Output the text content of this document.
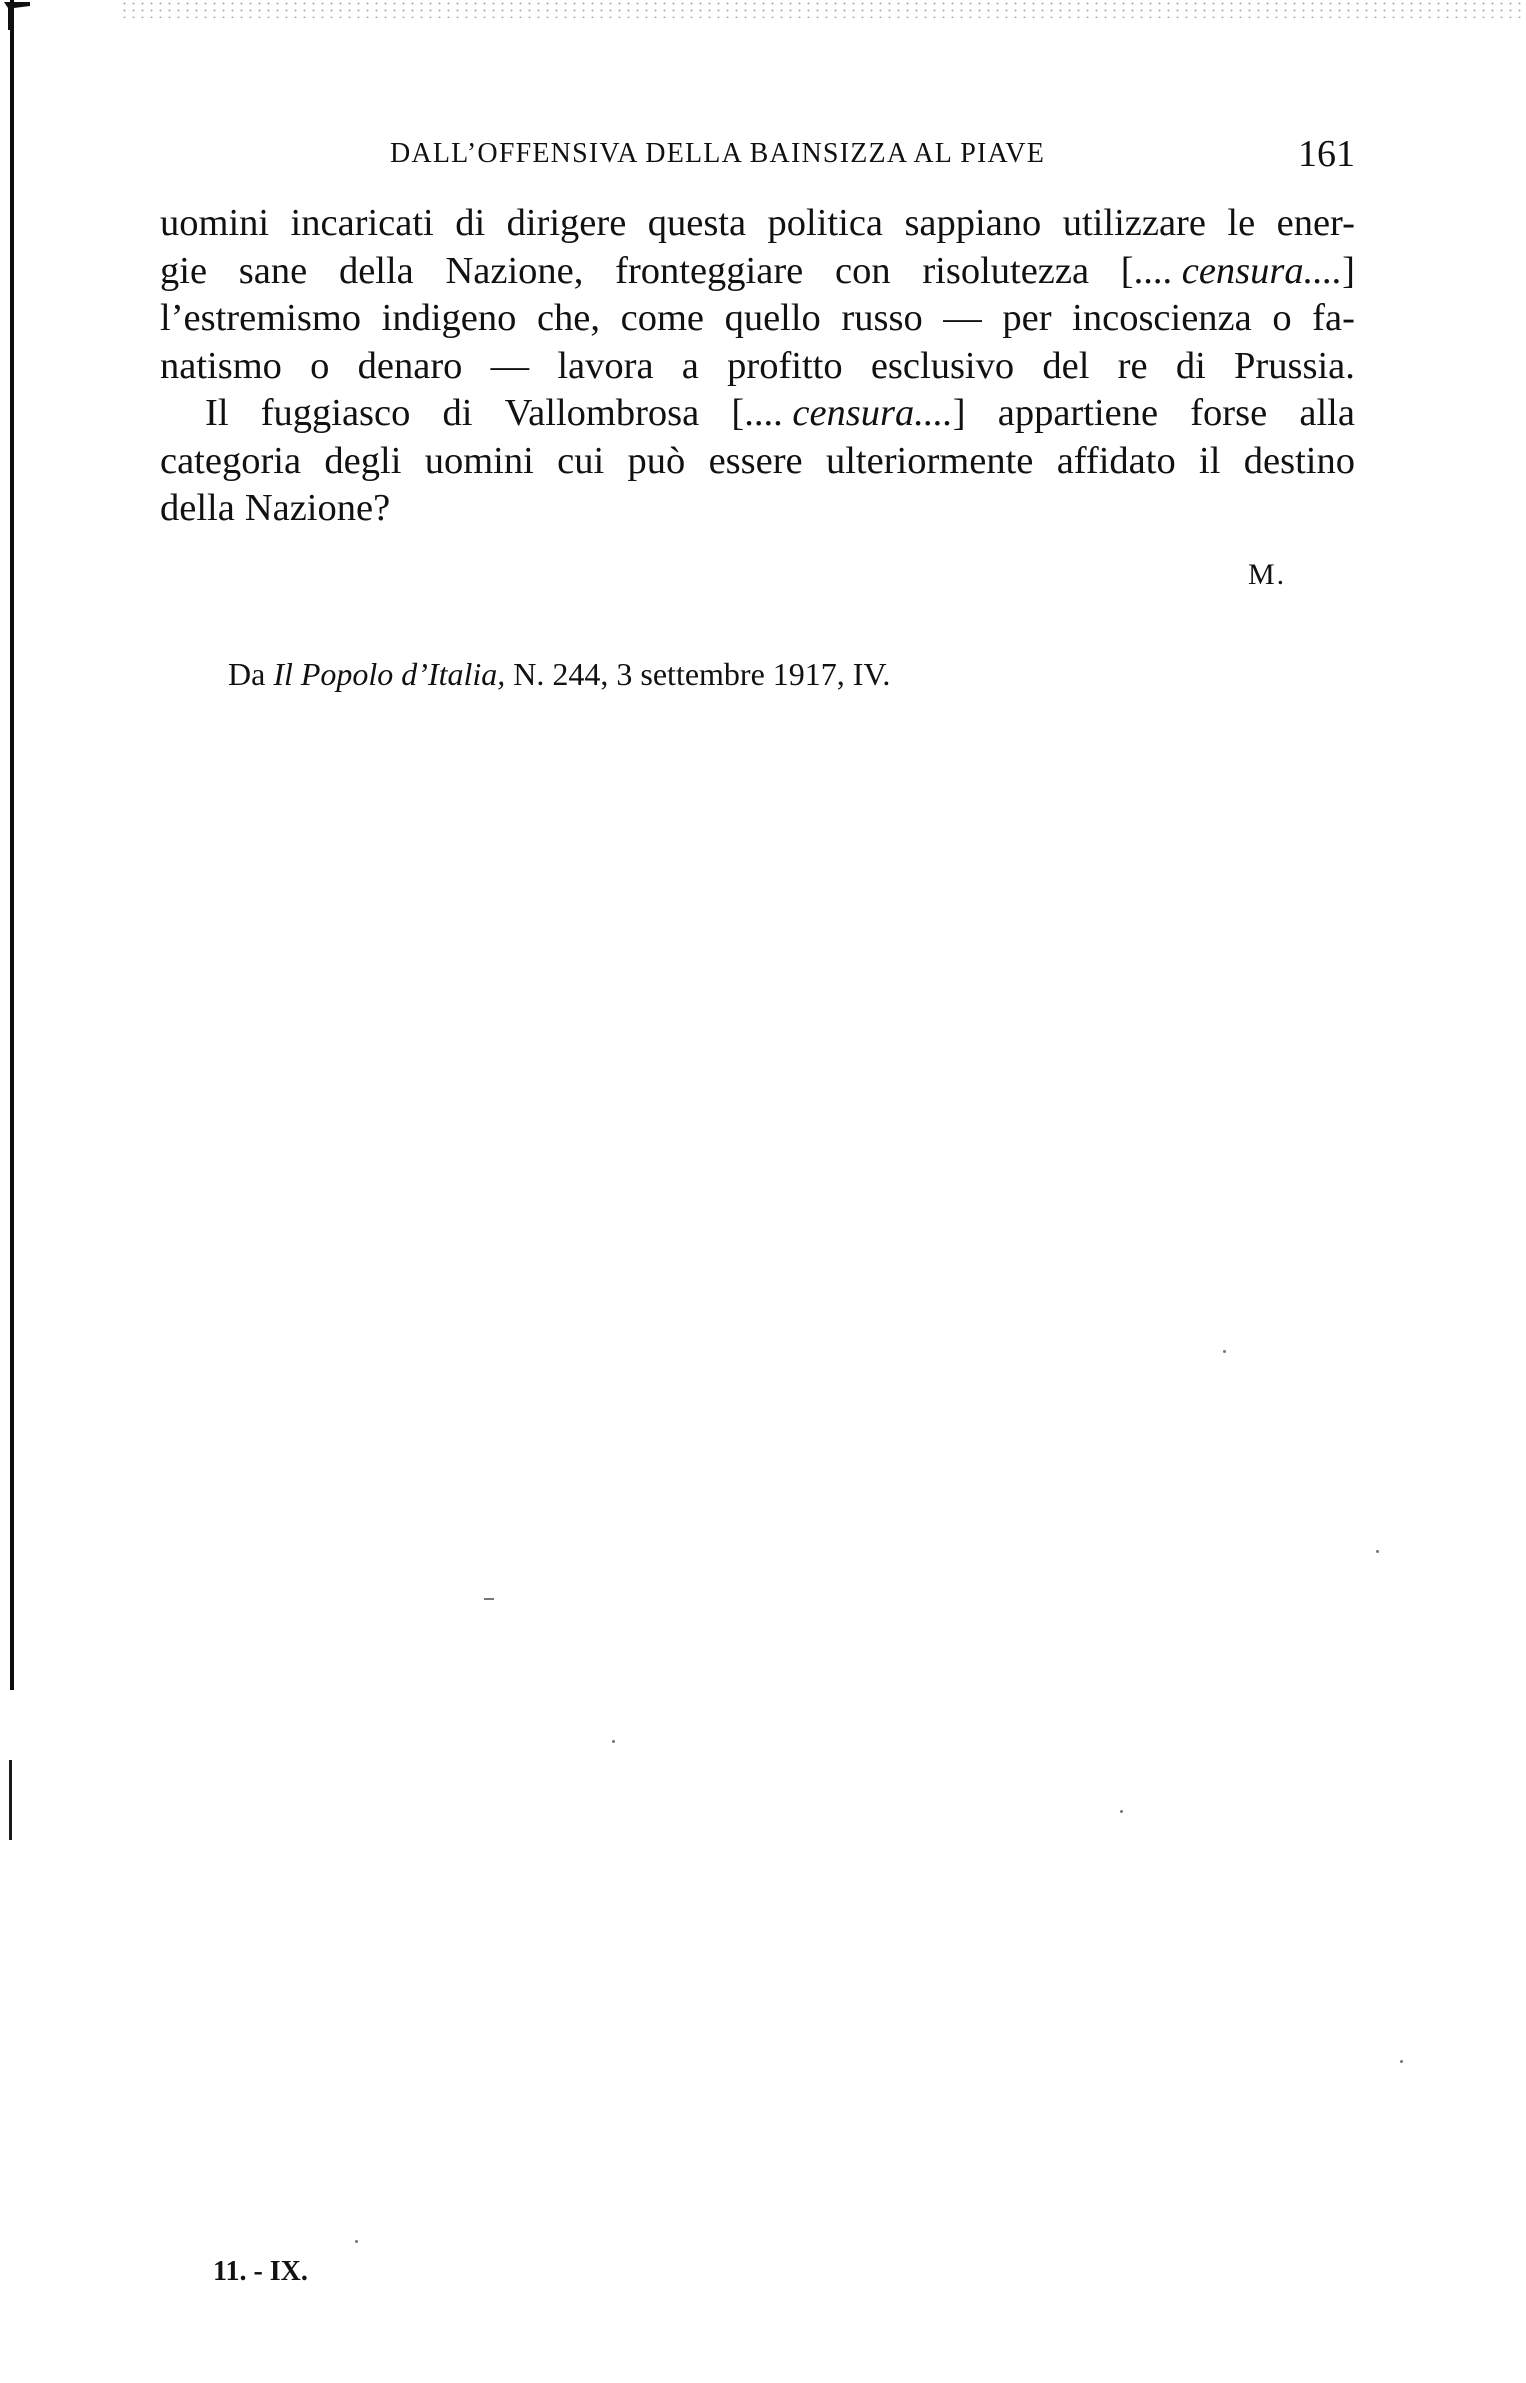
DALL’OFFENSIVA DELLA BAINSIZZA AL PIAVE	161
uomini incaricati di dirigere questa politica sappiano utilizzare le ener-
gie sane della Nazione, fronteggiare con risolutezza [.... censura....]
l’estremismo indigeno che, come quello russo — per incoscienza o fa-
natismo o denaro — lavora a profitto esclusivo del re di Prussia.
Il fuggiasco di Vallombrosa [.... censura....] appartiene forse alla
categoria degli uomini cui può essere ulteriormente affidato il destino
della Nazione?
M.
Da Il Popolo d’Italia, N. 244, 3 settembre 1917, IV.
11. - IX.
